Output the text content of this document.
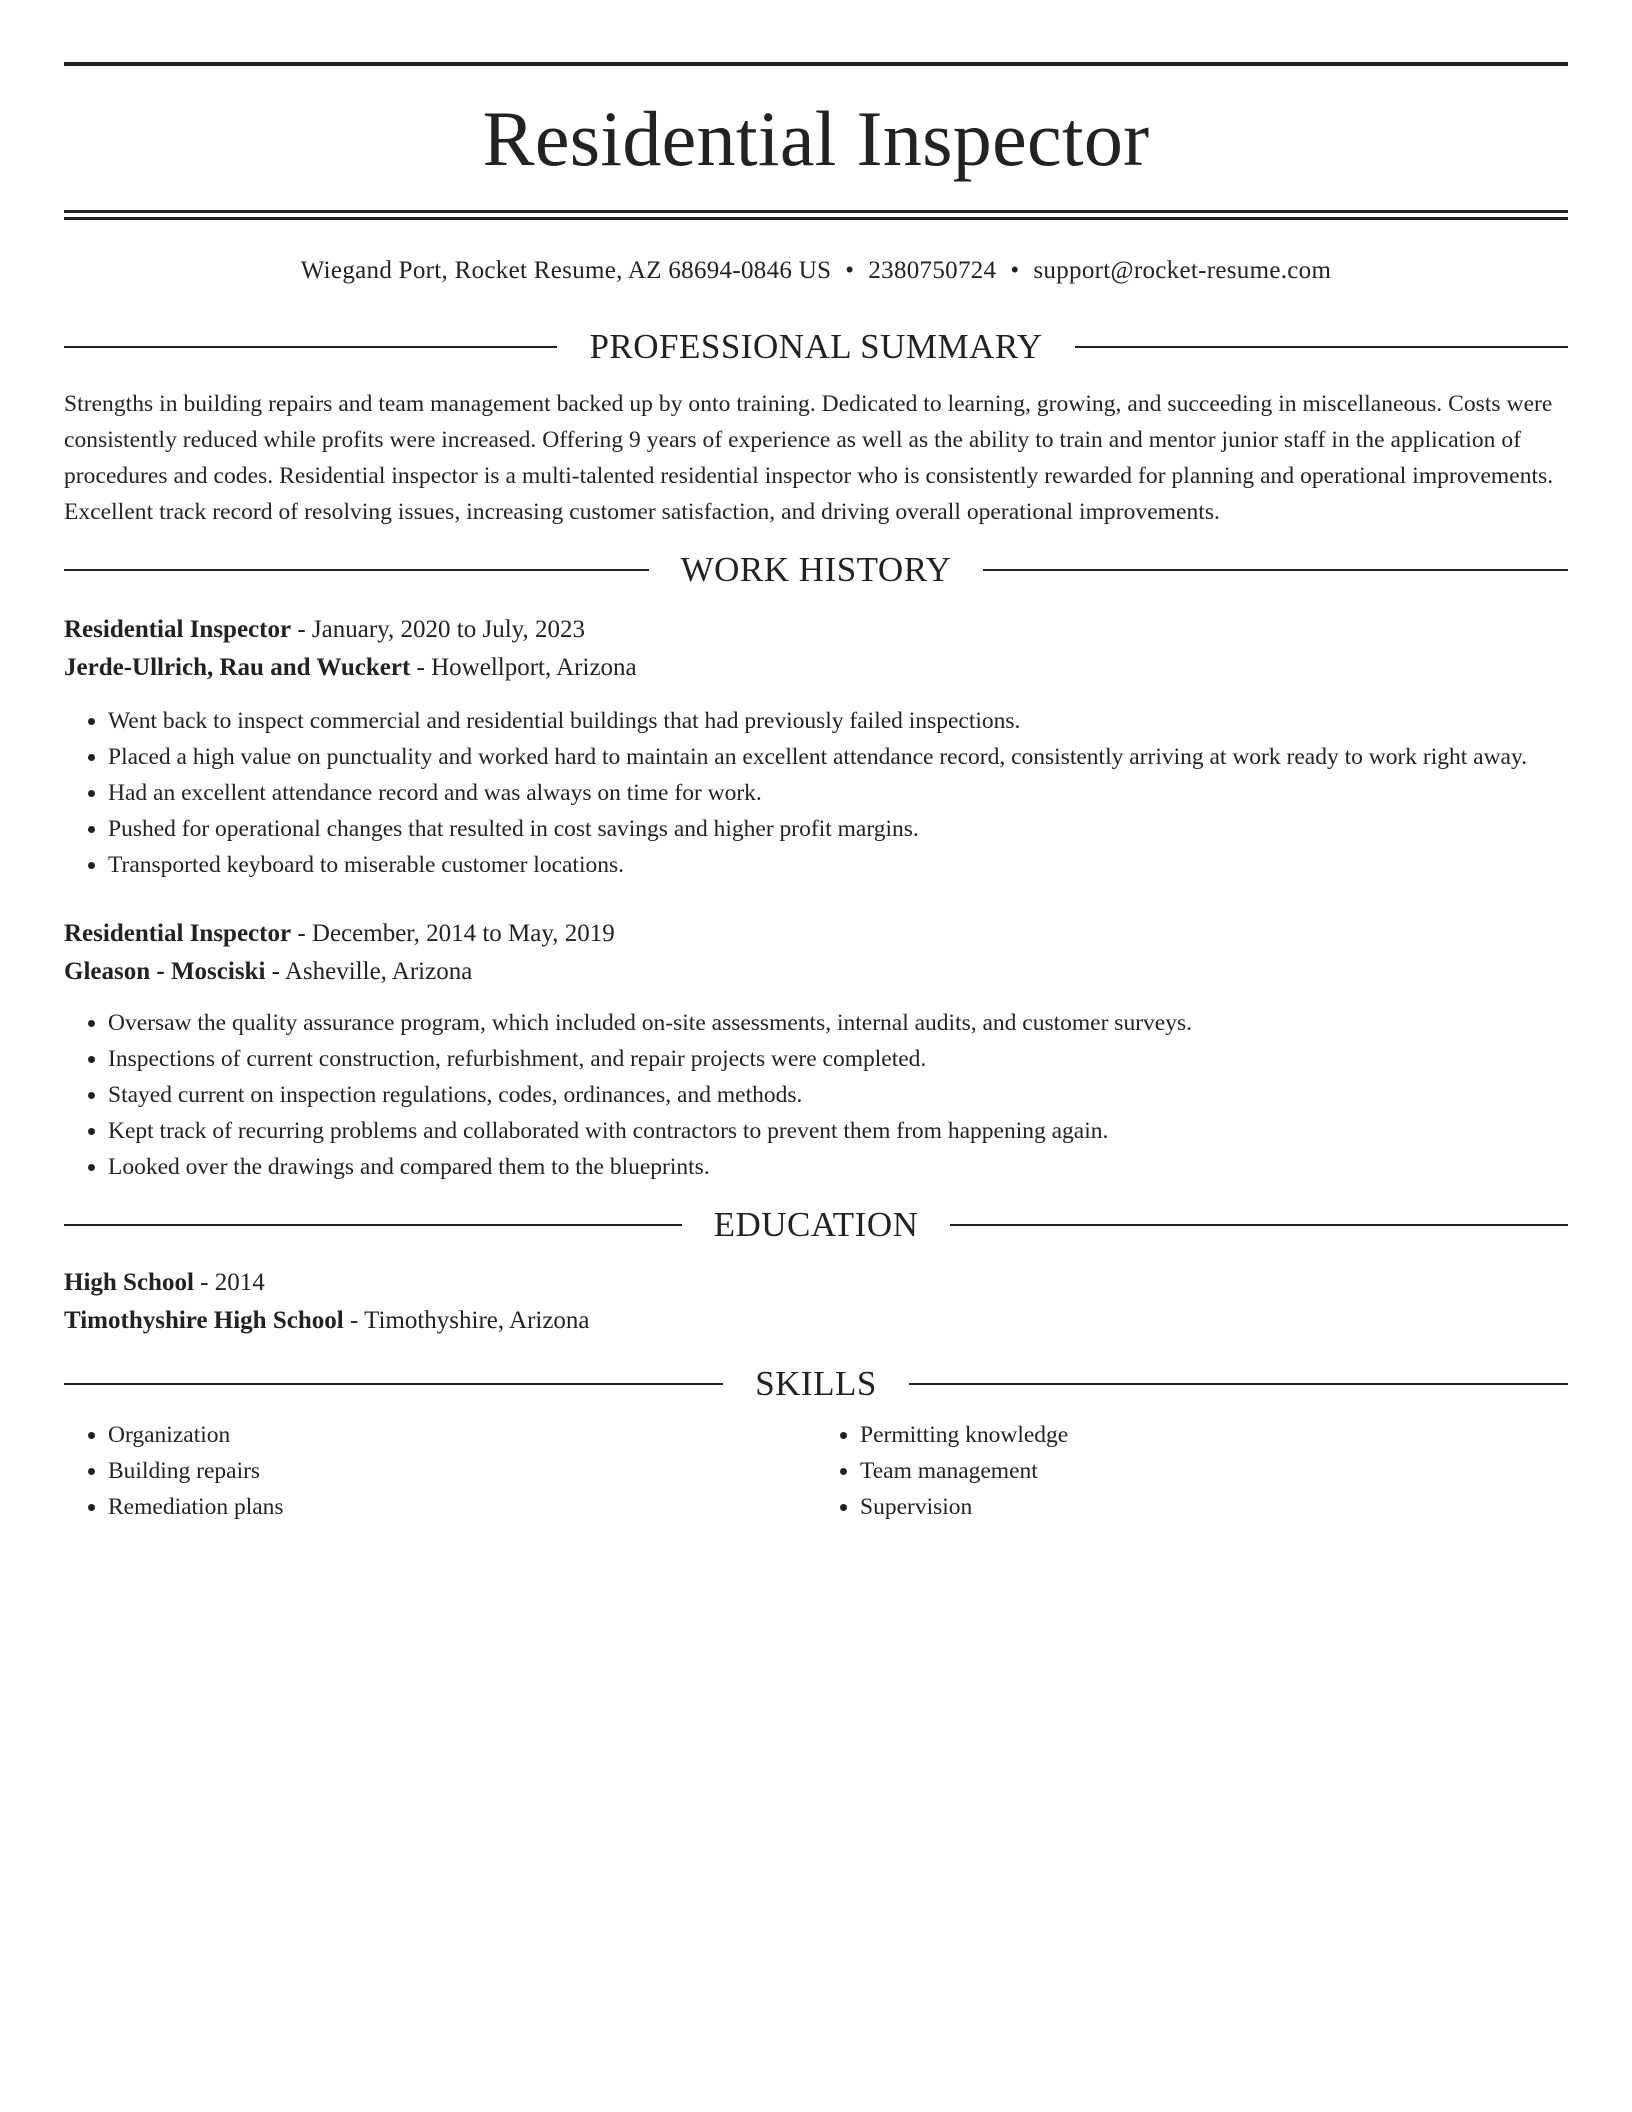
Residential Inspector
Wiegand Port, Rocket Resume, AZ 68694-0846 US • 2380750724 • support@rocket-resume.com
PROFESSIONAL SUMMARY

Strengths in building repairs and team management backed up by onto training. Dedicated to learning, growing, and succeeding in miscellaneous. Costs were consistently reduced while profits were increased. Offering 9 years of experience as well as the ability to train and mentor junior staff in the application of procedures and codes. Residential inspector is a multi-talented residential inspector who is consistently rewarded for planning and operational improvements. Excellent track record of resolving issues, increasing customer satisfaction, and driving overall operational improvements.

WORK HISTORY
Residential Inspector - January, 2020 to July, 2023
Jerde-Ullrich, Rau and Wuckert - Howellport, Arizona
• Went back to inspect commercial and residential buildings that had previously failed inspections.
• Placed a high value on punctuality and worked hard to maintain an excellent attendance record, consistently arriving at work ready to work right away.
• Had an excellent attendance record and was always on time for work.
• Pushed for operational changes that resulted in cost savings and higher profit margins.
• Transported keyboard to miserable customer locations.
Residential Inspector - December, 2014 to May, 2019
Gleason - Mosciski - Asheville, Arizona
• Oversaw the quality assurance program, which included on-site assessments, internal audits, and customer surveys.
• Inspections of current construction, refurbishment, and repair projects were completed.
• Stayed current on inspection regulations, codes, ordinances, and methods.
• Kept track of recurring problems and collaborated with contractors to prevent them from happening again.
• Looked over the drawings and compared them to the blueprints.
EDUCATION
High School - 2014
Timothyshire High School - Timothyshire, Arizona
SKILLS
• Organization
• Building repairs
• Remediation plans
• Permitting knowledge
• Team management
• Supervision
